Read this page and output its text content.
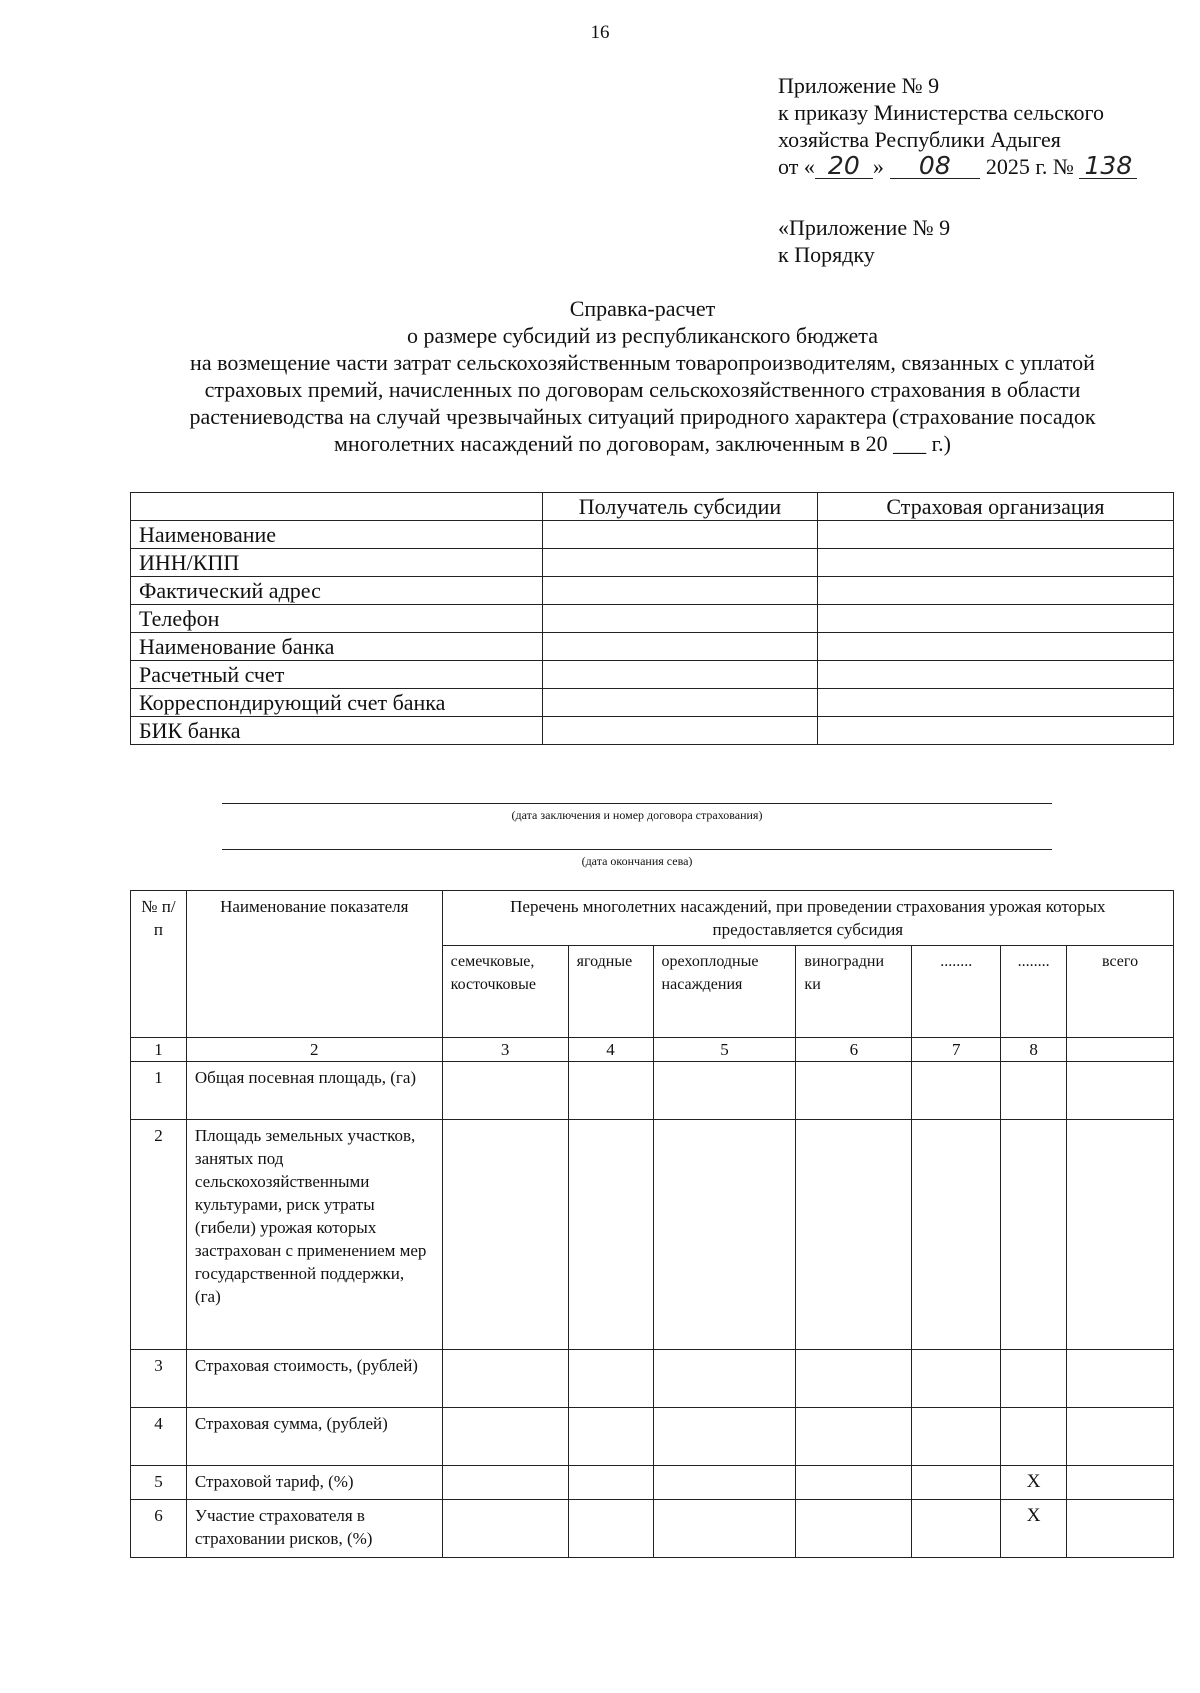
16
Приложение № 9
к приказу Министерства сельского
хозяйства Республики Адыгея
от « 20 » 08 2025 г. № 138
«Приложение № 9
к Порядку
Справка-расчет
о размере субсидий из республиканского бюджета
на возмещение части затрат сельскохозяйственным товаропроизводителям, связанных с уплатой
страховых премий, начисленных по договорам сельскохозяйственного страхования в области
растениеводства на случай чрезвычайных ситуаций природного характера (страхование посадок
многолетних насаждений по договорам, заключенным в 20 ___ г.)
	Получатель субсидии	Страховая организация
Наименование		
ИНН/КПП		
Фактический адрес		
Телефон		
Наименование банка		
Расчетный счет		
Корреспондирующий счет банка		
БИК банка		
(дата заключения и номер договора страхования)
(дата окончания сева)
№ п/п	Наименование показателя	Перечень многолетних насаждений, при проведении страхования урожая которых предоставляется субсидия						
		семечковые, косточковые	ягодные	орехоплодные насаждения	виноградни ки	........	........	всего
1	2	3	4	5	6	7	8	
1	Общая посевная площадь, (га)							
2	Площадь земельных участков, занятых под сельскохозяйственными культурами, риск утраты (гибели) урожая которых застрахован с применением мер государственной поддержки, (га)							
3	Страховая стоимость, (рублей)							
4	Страховая сумма, (рублей)							
5	Страховой тариф, (%)						X	
6	Участие страхователя в страховании рисков, (%)						X	
